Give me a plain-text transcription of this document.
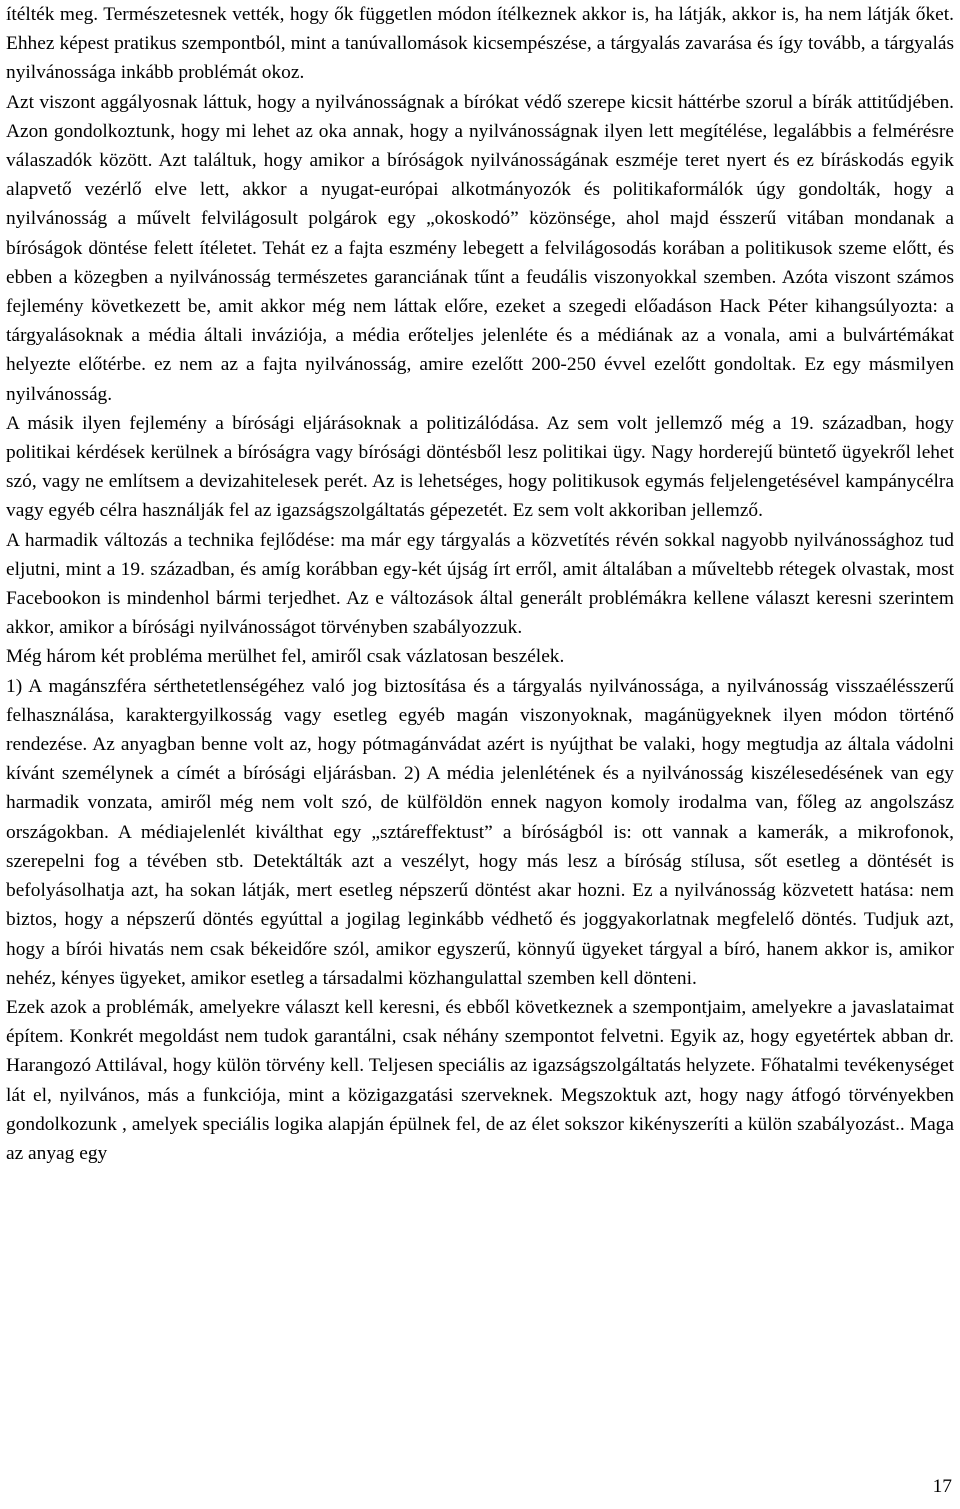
ítélték meg. Természetesnek vették, hogy ők független módon ítélkeznek akkor is, ha látják, akkor is, ha nem látják őket. Ehhez képest pratikus szempontból, mint a tanúvallomások kicsempészése, a tárgyalás zavarása és így tovább, a tárgyalás nyilvánossága inkább problémát okoz.

Azt viszont aggályosnak láttuk, hogy a nyilvánosságnak a bírókat védő szerepe kicsit háttérbe szorul a bírák attitűdjében. Azon gondolkoztunk, hogy mi lehet az oka annak, hogy a nyilvánosságnak ilyen lett megítélése, legalábbis a felmérésre válaszadók között. Azt találtuk, hogy amikor a bíróságok nyilvánosságának eszméje teret nyert és ez bíráskodás egyik alapvető vezérlő elve lett, akkor a nyugat-európai alkotmányozók és politikaformálók úgy gondolták, hogy a nyilvánosság a művelt felvilágosult polgárok egy „okoskodó” közönsége, ahol majd ésszerű vitában mondanak a bíróságok döntése felett ítéletet. Tehát ez a fajta eszmény lebegett a felvilágosodás korában a politikusok szeme előtt, és ebben a közegben a nyilvánosság természetes garanciának tűnt a feudális viszonyokkal szemben. Azóta viszont számos fejlemény következett be, amit akkor még nem láttak előre, ezeket a szegedi előadáson Hack Péter kihangsúlyozta: a tárgyalásoknak a média általi inváziója, a média erőteljes jelenléte és a médiának az a vonala, ami a bulvártémákat helyezte előtérbe. ez nem az a fajta nyilvánosság, amire ezelőtt 200-250 évvel ezelőtt gondoltak. Ez egy másmilyen nyilvánosság.

A másik ilyen fejlemény a bírósági eljárásoknak a politizálódása. Az sem volt jellemző még a 19. században, hogy politikai kérdések kerülnek a bíróságra vagy bírósági döntésből lesz politikai ügy. Nagy horderejű büntető ügyekről lehet szó, vagy ne említsem a devizahitelesek perét. Az is lehetséges, hogy politikusok egymás feljelengetésével kampánycélra vagy egyéb célra használják fel az igazságszolgáltatás gépezetét. Ez sem volt akkoriban jellemző.

A harmadik változás a technika fejlődése: ma már egy tárgyalás a közvetítés révén sokkal nagyobb nyilvánossághoz tud eljutni, mint a 19. században, és amíg korábban egy-két újság írt erről, amit általában a műveltebb rétegek olvastak, most Facebookon is mindenhol bármi terjedhet. Az e változások által generált problémákra kellene választ keresni szerintem akkor, amikor a bírósági nyilvánosságot törvényben szabályozzuk.

Még három két probléma merülhet fel, amiről csak vázlatosan beszélek.

1) A magánszféra sérthetetlenségéhez való jog biztosítása és a tárgyalás nyilvánossága, a nyilvánosság visszaélésszerű felhasználása, karaktergyilkosság vagy esetleg egyéb magán viszonyoknak, magánügyeknek ilyen módon történő rendezése. Az anyagban benne volt az, hogy pótmagánvádat azért is nyújthat be valaki, hogy megtudja az általa vádolni kívánt személynek a címét a bírósági eljárásban. 2) A média jelenlétének és a nyilvánosság kiszélesedésének van egy harmadik vonzata, amiről még nem volt szó, de külföldön ennek nagyon komoly irodalma van, főleg az angolszász országokban. A médiajelenlét kiválthat egy „sztáreffektust” a bíróságból is: ott vannak a kamerák, a mikrofonok, szerepelni fog a tévében stb. Detektálták azt a veszélyt, hogy más lesz a bíróság stílusa, sőt esetleg a döntését is befolyásolhatja azt, ha sokan látják, mert esetleg népszerű döntést akar hozni. Ez a nyilvánosság közvetett hatása: nem biztos, hogy a népszerű döntés egyúttal a jogilag leginkább védhető és joggyakorlatnak megfelelő döntés. Tudjuk azt, hogy a bírói hivatás nem csak békeidőre szól, amikor egyszerű, könnyű ügyeket tárgyal a bíró, hanem akkor is, amikor nehéz, kényes ügyeket, amikor esetleg a társadalmi közhangulattal szemben kell dönteni.

Ezek azok a problémák, amelyekre választ kell keresni, és ebből következnek a szempontjaim, amelyekre a javaslataimat építem. Konkrét megoldást nem tudok garantálni, csak néhány szempontot felvetni. Egyik az, hogy egyetértek abban dr. Harangozó Attilával, hogy külön törvény kell. Teljesen speciális az igazságszolgáltatás helyzete. Főhatalmi tevékenységet lát el, nyilvános, más a funkciója, mint a közigazgatási szerveknek. Megszoktuk azt, hogy nagy átfogó törvényekben gondolkozunk , amelyek speciális logika alapján épülnek fel, de az élet sokszor kikényszeríti a külön szabályozást.. Maga az anyag egy

17
